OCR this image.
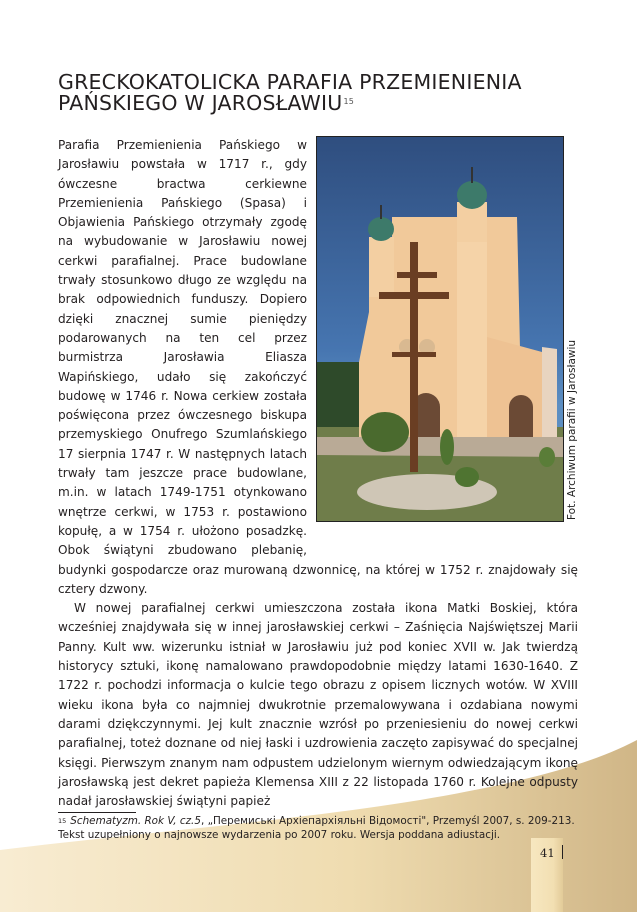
GRECKOKATOLICKA PARAFIA PRZEMIENIENIA
PAŃSKIEGO W JAROSŁAWIU$^{15}$
Fot. Archiwum parafii w Jarosławiu

Parafia Przemienienia Pańskiego w Jarosławiu powstała w 1717 r., gdy ówczesne bractwa cerkiewne Przemienienia Pańskiego (Spasa) i Objawienia Pańskiego otrzymały zgodę na wybudowanie w Jarosławiu nowej cerkwi parafialnej. Prace budowlane trwały stosunkowo długo ze względu na brak odpowiednich funduszy. Dopiero dzięki znacznej sumie pieniędzy podarowanych na ten cel przez burmistrza Jarosławia Eliasza Wapińskiego, udało się zakończyć budowę w 1746 r. Nowa cerkiew została poświęcona przez ówczesnego biskupa przemyskiego Onufrego Szumlańskiego 17 sierpnia 1747 r. W następnych latach trwały tam jeszcze prace budowlane, m.in. w latach 1749-1751 otynkowano wnętrze cerkwi, w 1753 r. postawiono kopułę, a w 1754 r. ułożono posadzkę. Obok świątyni zbudowano plebanię, budynki gospodarcze oraz murowaną dzwonnicę, na której w 1752 r. znajdowały się cztery dzwony.

W nowej parafialnej cerkwi umieszczona została ikona Matki Boskiej, która wcześniej znajdywała się w innej jarosławskiej cerkwi – Zaśnięcia Najświętszej Marii Panny. Kult ww. wizerunku istniał w Jarosławiu już pod koniec XVII w. Jak twierdzą historycy sztuki, ikonę namalowano prawdopodobnie między latami 1630-1640. Z 1722 r. pochodzi informacja o kulcie tego obrazu z opisem licznych wotów. W XVIII wieku ikona była co najmniej dwukrotnie przemalowywana i ozdabiana nowymi darami dziękczynnymi. Jej kult znacznie wzrósł po przeniesieniu do nowej cerkwi parafialnej, toteż doznane od niej łaski i uzdrowienia zaczęto zapisywać do specjalnej księgi. Pierwszym znanym nam odpustem udzielonym wiernym odwiedzającym ikonę jarosławską jest dekret papieża Klemensa XIII z 22 listopada 1760 r. Kolejne odpusty nadał jarosławskiej świątyni papież

$^{15}$ Schematyzm. Rok V, cz.5, „Перемиські Архіепархіяльні Відомості", Przemyśl 2007, s. 209-213.
Tekst uzupełniony o najnowsze wydarzenia po 2007 roku. Wersja poddana adiustacji.
41
